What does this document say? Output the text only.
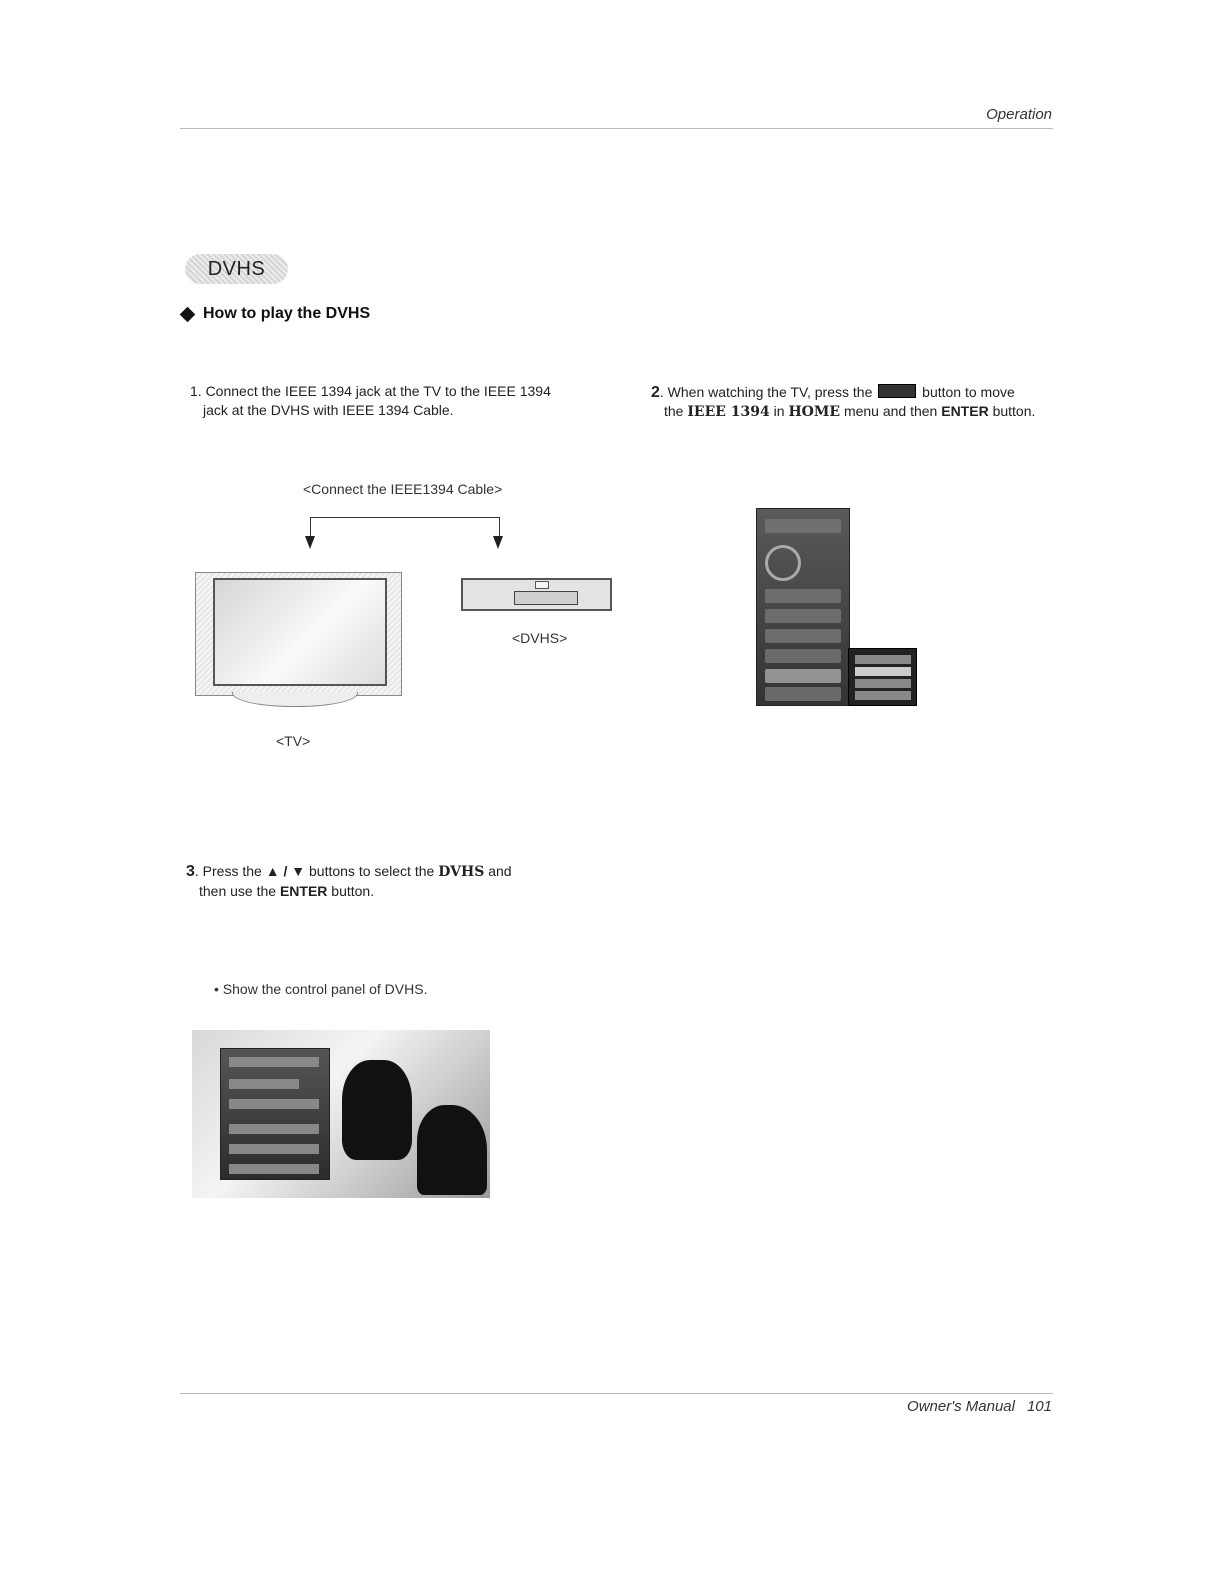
Operation
DVHS
How to play the DVHS
1. Connect the IEEE 1394 jack at the TV to the IEEE 1394
jack at the DVHS with IEEE 1394 Cable.
2. When watching the TV, press the	button to move
the IEEE 1394 in HOME menu and then ENTER button.
<Connect the IEEE1394 Cable>
<TV>
<DVHS>
3. Press the ▲ / ▼ buttons to select the DVHS and
then use the ENTER button.
• Show the control panel of DVHS.
Owner's Manual 101
